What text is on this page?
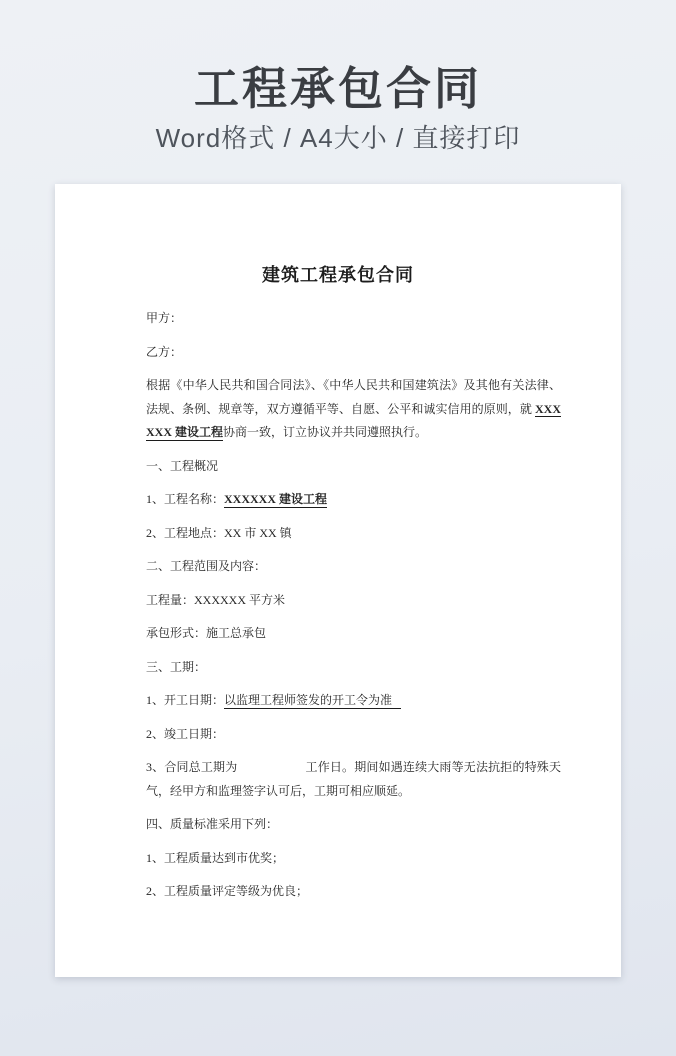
工程承包合同
Word格式 / A4大小 / 直接打印
建筑工程承包合同

甲方：

乙方：

根据《中华人民共和国合同法》、《中华人民共和国建筑法》及其他有关法律、法规、条例、规章等，双方遵循平等、自愿、公平和诚实信用的原则，就 XXXXXX 建设工程协商一致，订立协议并共同遵照执行。

一、工程概况

1、工程名称：XXXXXX 建设工程

2、工程地点：XX 市 XX 镇

二、工程范围及内容：

工程量：XXXXXX 平方米

承包形式：施工总承包

三、工期：

1、开工日期：以监理工程师签发的开工令为准

2、竣工日期：

3、合同总工期为	工作日。期间如遇连续大雨等无法抗拒的特殊天气，经甲方和监理签字认可后，工期可相应顺延。

四、质量标准采用下列：

1、工程质量达到市优奖；

2、工程质量评定等级为优良；
